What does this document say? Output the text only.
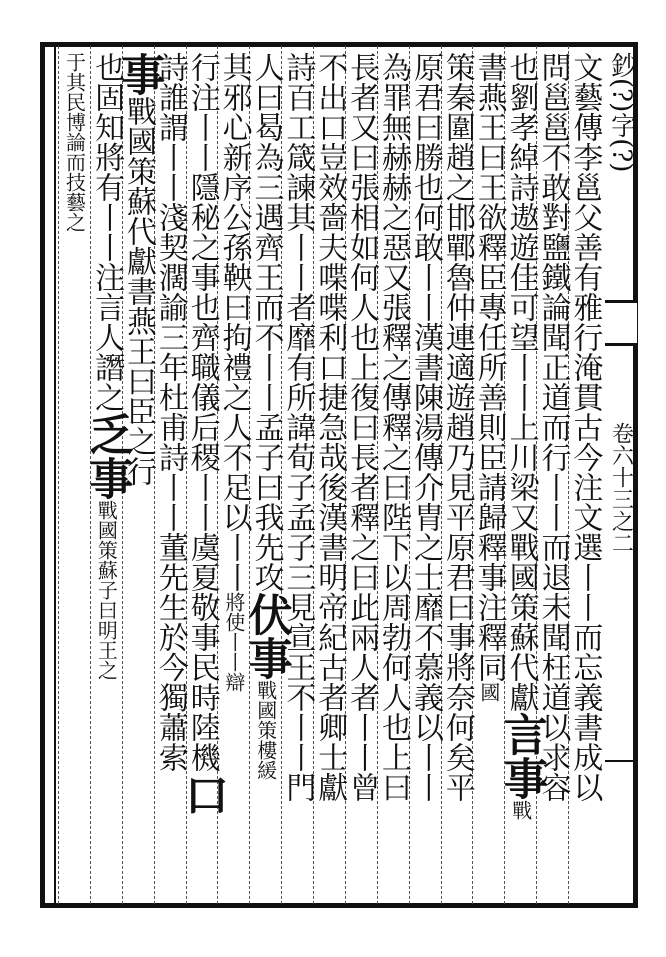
鈔(?)字(?)
卷六十三之二
文藝傳李邕父善有雅行淹貫古今注文選丨丨而忘義書成以
問邕邕不敢對鹽鐵論聞正道而行丨丨而退未聞枉道以求容
也劉孝綽詩遨遊佳可望丨丨上川梁又戰國策蘇代獻
言事
戰
書燕王曰王欲釋臣專任所善則臣請歸釋事注釋同
國
策秦圍趙之邯鄲魯仲連適遊趙乃見平原君曰事將奈何矣平
原君曰勝也何敢丨丨漢書陳湯傳介胄之士靡不慕義以丨丨
為罪無赫赫之惡又張釋之傳釋之曰陛下以周勃何人也上曰
長者又曰張相如何人也上復曰長者釋之曰此兩人者丨丨曾
不出口豈效嗇夫喋喋利口捷急哉後漢書明帝紀古者卿士獻
詩百工箴諫其丨丨者靡有所諱荀子孟子三見宣王不丨丨門
人曰曷為三遇齊王而不丨丨孟子曰我先攻
伏事
戰國策樓緩
其邪心新序公孫鞅曰拘禮之人不足以丨丨
將使丨丨辯
行注丨丨隱秘之事也齊職儀后稷丨丨虞夏敬事民時陸機
口
詩誰謂丨丨淺契濶諭三年杜甫詩丨丨董先生於今獨蕭索
事
戰國策蘇代獻書燕王曰臣之行
也固知將有丨丨注言人譖之
乏事
戰國策蘇子曰明王之
于其民博論而技藝之
